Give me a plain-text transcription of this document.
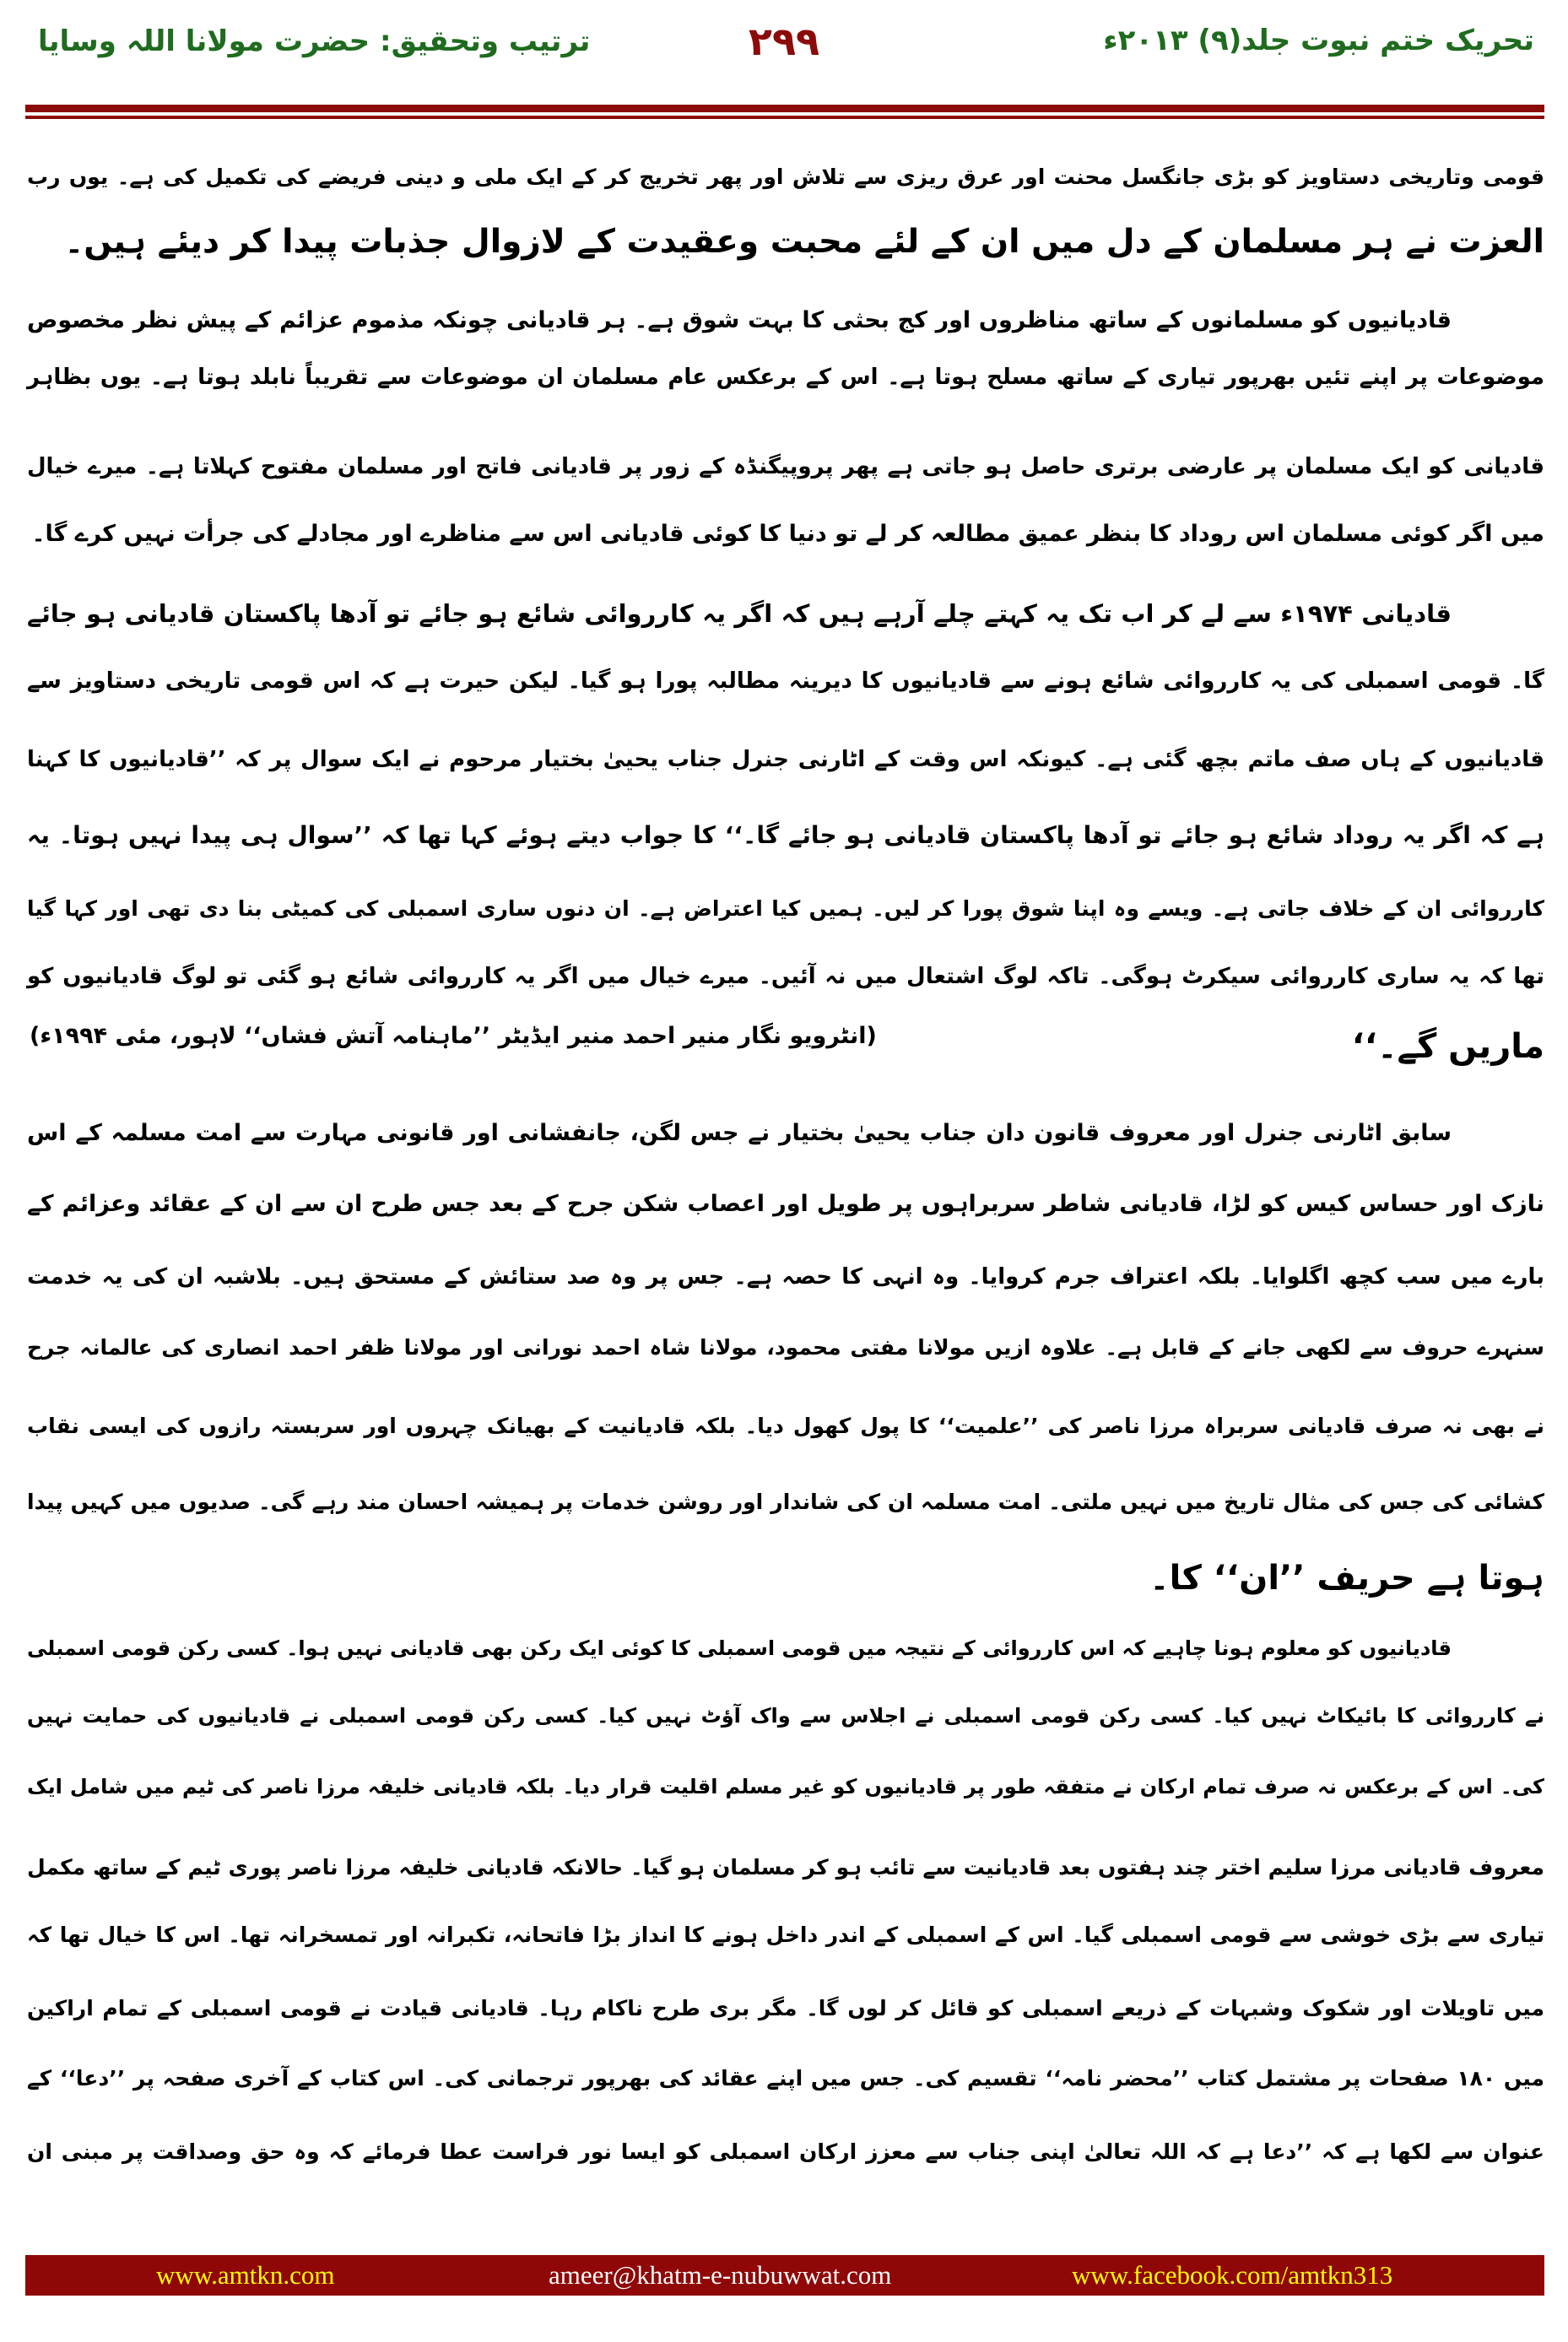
تحریک ختم نبوت جلد(۹) ۲۰۱۳ء
۲۹۹
ترتیب وتحقیق: حضرت مولانا اللہ وسایا
قومی وتاریخی دستاویز کو بڑی جانگسل محنت اور عرق ریزی سے تلاش اور پھر تخریج کر کے ایک ملی و دینی فریضے کی تکمیل کی ہے۔ یوں رب
العزت نے ہر مسلمان کے دل میں ان کے لئے محبت وعقیدت کے لازوال جذبات پیدا کر دیئے ہیں۔
قادیانیوں کو مسلمانوں کے ساتھ مناظروں اور کج بحثی کا بہت شوق ہے۔ ہر قادیانی چونکہ مذموم عزائم کے پیش نظر مخصوص
موضوعات پر اپنے تئیں بھرپور تیاری کے ساتھ مسلح ہوتا ہے۔ اس کے برعکس عام مسلمان ان موضوعات سے تقریباً نابلد ہوتا ہے۔ یوں بظاہر
قادیانی کو ایک مسلمان پر عارضی برتری حاصل ہو جاتی ہے پھر پروپیگنڈہ کے زور پر قادیانی فاتح اور مسلمان مفتوح کہلاتا ہے۔ میرے خیال
میں اگر کوئی مسلمان اس روداد کا بنظر عمیق مطالعہ کر لے تو دنیا کا کوئی قادیانی اس سے مناظرے اور مجادلے کی جرأت نہیں کرے گا۔
قادیانی ۱۹۷۴ء سے لے کر اب تک یہ کہتے چلے آرہے ہیں کہ اگر یہ کارروائی شائع ہو جائے تو آدھا پاکستان قادیانی ہو جائے
گا۔ قومی اسمبلی کی یہ کارروائی شائع ہونے سے قادیانیوں کا دیرینہ مطالبہ پورا ہو گیا۔ لیکن حیرت ہے کہ اس قومی تاریخی دستاویز سے
قادیانیوں کے ہاں صف ماتم بچھ گئی ہے۔ کیونکہ اس وقت کے اٹارنی جنرل جناب یحییٰ بختیار مرحوم نے ایک سوال پر کہ ’’قادیانیوں کا کہنا
ہے کہ اگر یہ روداد شائع ہو جائے تو آدھا پاکستان قادیانی ہو جائے گا۔‘‘ کا جواب دیتے ہوئے کہا تھا کہ ’’سوال ہی پیدا نہیں ہوتا۔ یہ
کارروائی ان کے خلاف جاتی ہے۔ ویسے وہ اپنا شوق پورا کر لیں۔ ہمیں کیا اعتراض ہے۔ ان دنوں ساری اسمبلی کی کمیٹی بنا دی تھی اور کہا گیا
تھا کہ یہ ساری کارروائی سیکرٹ ہوگی۔ تاکہ لوگ اشتعال میں نہ آئیں۔ میرے خیال میں اگر یہ کارروائی شائع ہو گئی تو لوگ قادیانیوں کو
ماریں گے۔‘‘
(انٹرویو نگار منیر احمد منیر ایڈیٹر ’’ماہنامہ آتش فشاں‘‘ لاہور، مئی ۱۹۹۴ء)
سابق اٹارنی جنرل اور معروف قانون دان جناب یحییٰ بختیار نے جس لگن، جانفشانی اور قانونی مہارت سے امت مسلمہ کے اس
نازک اور حساس کیس کو لڑا، قادیانی شاطر سربراہوں پر طویل اور اعصاب شکن جرح کے بعد جس طرح ان سے ان کے عقائد وعزائم کے
بارے میں سب کچھ اگلوایا۔ بلکہ اعتراف جرم کروایا۔ وہ انہی کا حصہ ہے۔ جس پر وہ صد ستائش کے مستحق ہیں۔ بلاشبہ ان کی یہ خدمت
سنہرے حروف سے لکھی جانے کے قابل ہے۔ علاوہ ازیں مولانا مفتی محمود، مولانا شاہ احمد نورانی اور مولانا ظفر احمد انصاری کی عالمانہ جرح
نے بھی نہ صرف قادیانی سربراہ مرزا ناصر کی ’’علمیت‘‘ کا پول کھول دیا۔ بلکہ قادیانیت کے بھیانک چہروں اور سربستہ رازوں کی ایسی نقاب
کشائی کی جس کی مثال تاریخ میں نہیں ملتی۔ امت مسلمہ ان کی شاندار اور روشن خدمات پر ہمیشہ احسان مند رہے گی۔ صدیوں میں کہیں پیدا
ہوتا ہے حریف ’’ان‘‘ کا۔
قادیانیوں کو معلوم ہونا چاہیے کہ اس کارروائی کے نتیجہ میں قومی اسمبلی کا کوئی ایک رکن بھی قادیانی نہیں ہوا۔ کسی رکن قومی اسمبلی
نے کارروائی کا بائیکاٹ نہیں کیا۔ کسی رکن قومی اسمبلی نے اجلاس سے واک آؤٹ نہیں کیا۔ کسی رکن قومی اسمبلی نے قادیانیوں کی حمایت نہیں
کی۔ اس کے برعکس نہ صرف تمام ارکان نے متفقہ طور پر قادیانیوں کو غیر مسلم اقلیت قرار دیا۔ بلکہ قادیانی خلیفہ مرزا ناصر کی ٹیم میں شامل ایک
معروف قادیانی مرزا سلیم اختر چند ہفتوں بعد قادیانیت سے تائب ہو کر مسلمان ہو گیا۔ حالانکہ قادیانی خلیفہ مرزا ناصر پوری ٹیم کے ساتھ مکمل
تیاری سے بڑی خوشی سے قومی اسمبلی گیا۔ اس کے اسمبلی کے اندر داخل ہونے کا انداز بڑا فاتحانہ، تکبرانہ اور تمسخرانہ تھا۔ اس کا خیال تھا کہ
میں تاویلات اور شکوک وشبہات کے ذریعے اسمبلی کو قائل کر لوں گا۔ مگر بری طرح ناکام رہا۔ قادیانی قیادت نے قومی اسمبلی کے تمام اراکین
میں ۱۸۰ صفحات پر مشتمل کتاب ’’محضر نامہ‘‘ تقسیم کی۔ جس میں اپنے عقائد کی بھرپور ترجمانی کی۔ اس کتاب کے آخری صفحہ پر ’’دعا‘‘ کے
عنوان سے لکھا ہے کہ ’’دعا ہے کہ اللہ تعالیٰ اپنی جناب سے معزز ارکان اسمبلی کو ایسا نور فراست عطا فرمائے کہ وہ حق وصداقت پر مبنی ان
www.amtkn.com	ameer@khatm-e-nubuwwat.com	www.facebook.com/amtkn313
